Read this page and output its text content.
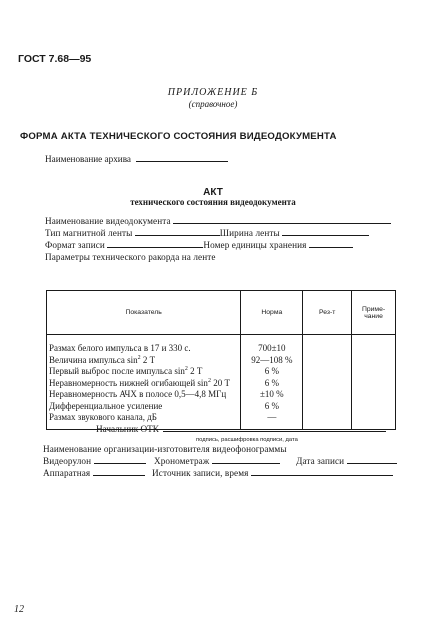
ГОСТ 7.68—95
ПРИЛОЖЕНИЕ Б
(справочное)
ФОРМА АКТА ТЕХНИЧЕСКОГО СОСТОЯНИЯ ВИДЕОДОКУМЕНТА
Наименование архива
АКТ
технического состояния видеодокумента
Наименование видеодокумента
Тип магнитной ленты	Ширина ленты
Формат записи	Номер единицы хранения
Параметры технического ракорда на ленте
Показатель	Норма	Рез-т	Приме-чание
Размах белого импульса в 17 и 330 с.	700±10		
Величина импульса $\sin^2 2$ Т	92—108 %		
Первый выброс после импульса $\sin^2 2$ Т	6 %		
Неравномерность нижней огибающей $\sin^2 20$ Т	6 %		
Неравномерность АЧХ в полосе 0,5—4,8 МГц	±10 %		
Дифференциальное усиление	6 %		
Размах звукового канала, дБ	—		
Начальник ОТК
подпись, расшифровка подписи, дата
Наименование организации-изготовителя видеофонограммы
Видеорулон	Хронометраж	Дата записи
Аппаратная	Источник записи, время
12
